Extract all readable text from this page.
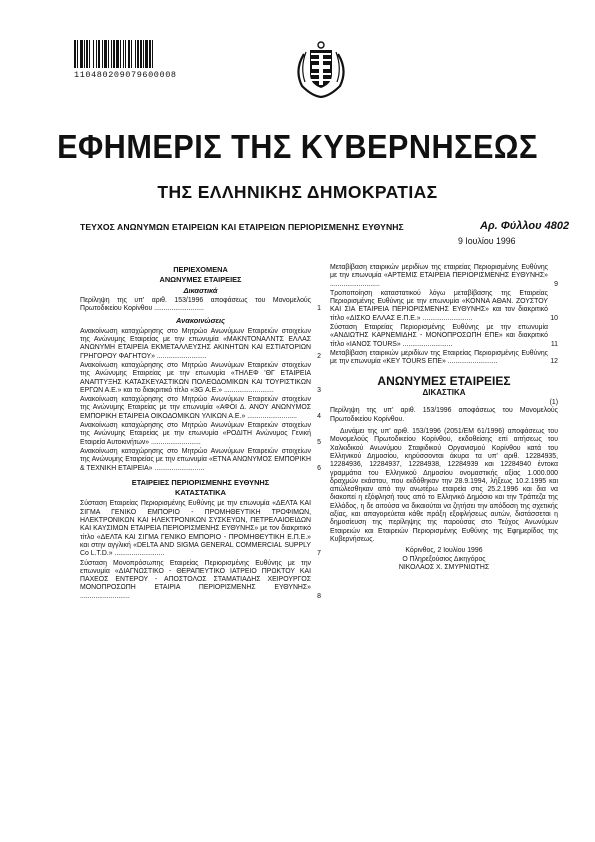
110480209079600008
ΕΦΗΜΕΡΙΣ ΤΗΣ ΚΥΒΕΡΝΗΣΕΩΣ
ΤΗΣ ΕΛΛΗΝΙΚΗΣ ΔΗΜΟΚΡΑΤΙΑΣ
ΤΕΥΧΟΣ ΑΝΩΝΥΜΩΝ ΕΤΑΙΡΕΙΩΝ ΚΑΙ ΕΤΑΙΡΕΙΩΝ ΠΕΡΙΟΡΙΣΜΕΝΗΣ ΕΥΘΥΝΗΣ	Αρ. Φύλλου 4802
9 Ιουλίου 1996
ΠΕΡΙΕΧΟΜΕΝΑ
ΑΝΩΝΥΜΕΣ ΕΤΑΙΡΕΙΕΣ
Δικαστικά
Περίληψη της υπ' αριθ. 153/1996 αποφάσεως του Μονομελούς Πρωτοδικείου Κορίνθου ..........................	1
Ανακοινώσεις
Ανακοίνωση καταχώρησης στο Μητρώο Ανωνύμων Εταιρειών στοιχείων της Ανώνυμης Εταιρείας με την επωνυμία «ΜΑΚΝΤΟΝΑΛΝΤΣ ΕΛΛΑΣ ΑΝΩΝΥΜΗ ΕΤΑΙΡΕΙΑ ΕΚΜΕΤΑΛΛΕΥΣΗΣ ΑΚΙΝΗΤΩΝ ΚΑΙ ΕΣΤΙΑΤΟΡΙΩΝ ΓΡΗΓΟΡΟΥ ΦΑΓΗΤΟΥ» ..........................	2
Ανακοίνωση καταχώρησης στο Μητρώο Ανωνύμων Εταιρειών στοιχείων της Ανώνυμης Εταιρείας με την επωνυμία «ΤΗΛΕΦ 'ΘΓ ΕΤΑΙΡΕΙΑ ΑΝΑΠΤΥΞΗΣ ΚΑΤΑΣΚΕΥΑΣΤΙΚΩΝ ΠΟΛΕΟΔΟΜΙΚΩΝ ΚΑΙ ΤΟΥΡΙΣΤΙΚΩΝ ΕΡΓΩΝ Α.Ε.» και το διακριτικό τίτλο «3G Α.Ε.» ..........................	3
Ανακοίνωση καταχώρησης στο Μητρώο Ανωνύμων Εταιρειών στοιχείων της Ανώνυμης Εταιρείας με την επωνυμία «ΑΦΟΙ Δ. ΑΝΟΥ ΑΝΩΝΥΜΟΣ ΕΜΠΟΡΙΚΗ ΕΤΑΙΡΕΙΑ ΟΙΚΟΔΟΜΙΚΩΝ ΥΛΙΚΩΝ Α.Ε.» ..........................	4
Ανακοίνωση καταχώρησης στο Μητρώο Ανωνύμων Εταιρειών στοιχείων της Ανώνυμης Εταιρείας με την επωνυμία «ΡΟΔΙΤΗ Ανώνυμος Γενική Εταιρεία Αυτοκινήτων» ..........................	5
Ανακοίνωση καταχώρησης στο Μητρώο Ανωνύμων Εταιρειών στοιχείων της Ανώνυμης Εταιρείας με την επωνυμία «ΕΤΝΑ ΑΝΩΝΥΜΟΣ ΕΜΠΟΡΙΚΗ & ΤΕΧΝΙΚΗ ΕΤΑΙΡΕΙΑ» ..........................	6
ΕΤΑΙΡΕΙΕΣ ΠΕΡΙΟΡΙΣΜΕΝΗΣ ΕΥΘΥΝΗΣ
ΚΑΤΑΣΤΑΤΙΚΑ
Σύσταση Εταιρείας Περιορισμένης Ευθύνης με την επωνυμία «ΔΕΛΤΑ ΚΑΙ ΣΙΓΜΑ ΓΕΝΙΚΟ ΕΜΠΟΡΙΟ - ΠΡΟΜΗΘΕΥΤΙΚΗ ΤΡΟΦΙΜΩΝ, ΗΛΕΚΤΡΟΝΙΚΩΝ ΚΑΙ ΗΛΕΚΤΡΟΝΙΚΩΝ ΣΥΣΚΕΥΩΝ, ΠΕΤΡΕΛΑΙΟΕΙΔΩΝ ΚΑΙ ΚΑΥΣΙΜΩΝ ΕΤΑΙΡΕΙΑ ΠΕΡΙΟΡΙΣΜΕΝΗΣ ΕΥΘΥΝΗΣ» με τον διακριτικό τίτλο «ΔΕΛΤΑ ΚΑΙ ΣΙΓΜΑ ΓΕΝΙΚΟ ΕΜΠΟΡΙΟ - ΠΡΟΜΗΘΕΥΤΙΚΗ Ε.Π.Ε.» και στην αγγλική «DELTA AND SIGMA GENERAL COMMERCIAL SUPPLY Co L.T.D.» ..........................	7
Σύσταση Μονοπρόσωπης Εταιρείας Περιορισμένης Ευθύνης με την επωνυμία «ΔΙΑΓΝΩΣΤΙΚΟ - ΘΕΡΑΠΕΥΤΙΚΟ ΙΑΤΡΕΙΟ ΠΡΩΚΤΟΥ ΚΑΙ ΠΑΧΕΟΣ ΕΝΤΕΡΟΥ - ΑΠΟΣΤΟΛΟΣ ΣΤΑΜΑΤΙΑΔΗΣ ΧΕΙΡΟΥΡΓΟΣ ΜΟΝΟΠΡΟΣΩΠΗ ΕΤΑΙΡΙΑ ΠΕΡΙΟΡΙΣΜΕΝΗΣ ΕΥΘΥΝΗΣ» ..........................	8
Μεταβίβαση εταιρικών μεριδίων της εταιρείας Περιορισμένης Ευθύνης με την επωνυμία «ΑΡΤΕΜΙΣ ΕΤΑΙΡΕΙΑ ΠΕΡΙΟΡΙΣΜΕΝΗΣ ΕΥΘΥΝΗΣ» ..........................	9
Τροποποίηση καταστατικού λόγω μεταβίβασης της Εταιρείας Περιορισμένης Ευθύνης με την επωνυμία «ΚΟΝΝΑ ΑΘΑΝ. ΖΟΥΣΤΟΥ ΚΑΙ ΣΙΑ ΕΤΑΙΡΕΙΑ ΠΕΡΙΟΡΙΣΜΕΝΗΣ ΕΥΘΥΝΗΣ» και τον διακριτικό τίτλο «ΔΙΣΚΟ ΕΛΛΑΣ Ε.Π.Ε.» ..........................	10
Σύσταση Εταιρείας Περιορισμένης Ευθύνης με την επωνυμία «ΑΝΔΙΩΤΗΣ ΚΑΡΝΕΜΙΔΗΣ - ΜΟΝΟΠΡΟΣΩΠΗ ΕΠΕ» και διακριτικό τίτλο «ΙΑΝΟΣ TOURS» ..........................	11
Μεταβίβαση εταιρικών μεριδίων της Εταιρείας Περιορισμένης Ευθύνης με την επωνυμία «KEY TOURS ΕΠΕ» ..........................	12
ΑΝΩΝΥΜΕΣ ΕΤΑΙΡΕΙΕΣ
ΔΙΚΑΣΤΙΚΑ
(1)
Περίληψη της υπ' αριθ. 153/1996 αποφάσεως του Μονομελούς Πρωτοδικείου Κορίνθου.
Δυνάμει της υπ' αριθ. 153/1996 (2051/ΕΜ 61/1996) αποφάσεως του Μονομελούς Πρωτοδικείου Κορίνθου, εκδοθείσης επί αιτήσεως του Χαλκιδικού Ανωνύμου Σταφιδικού Οργανισμού Κορίνθου κατά του Ελληνικού Δημοσίου, κηρύσσονται άκυρα τα υπ' αριθ. 12284935, 12284936, 12284937, 12284938, 12284939 και 12284940 έντοκα γραμμάτια του Ελληνικού Δημοσίου ονομαστικής αξίας 1.000.000 δραχμών εκάστου, που εκδόθηκαν την 28.9.1994, λήξεως 10.2.1995 και απώλεσθηκαν από την ανωτέρω εταιρεία στις 25.2.1996 και δια να διακοπεί η εξόφλησή τους από το Ελληνικό Δημόσιο και την Τράπεζα της Ελλάδος, η δε αιτούσα να δικαιούται να ζητήσει την απόδοση της σχετικής αξίας, και απαγορεύεται κάθε πράξη εξοφλήσεως αυτών, διατάσσεται η δημοσίευση της περίληψης της παρούσας στο Τεύχος Ανωνύμων Εταιρειών και Εταιρειών Περιορισμένης Ευθύνης της Εφημερίδος της Κυβερνήσεως.
Κόρινθος, 2 Ιουλίου 1996
Ο Πληρεξούσιος Δικηγόρος
ΝΙΚΟΛΑΟΣ Χ. ΣΜΥΡΝΙΩΤΗΣ
